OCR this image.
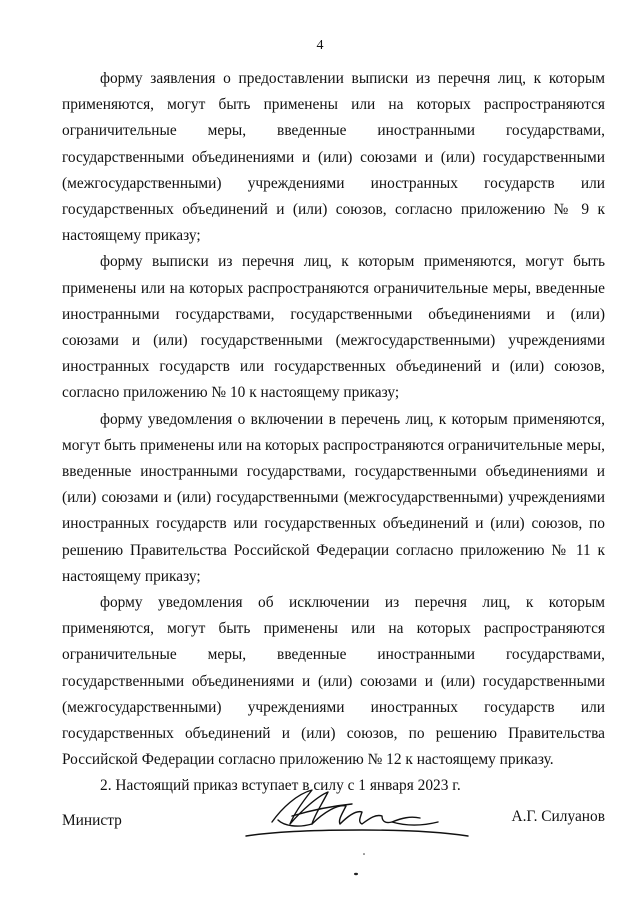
4

форму заявления о предоставлении выписки из перечня лиц, к которым применяются, могут быть применены или на которых распространяются ограничительные меры, введенные иностранными государствами, государственными объединениями и (или) союзами и (или) государственными (межгосударственными) учреждениями иностранных государств или государственных объединений и (или) союзов, согласно приложению № 9 к настоящему приказу;

форму выписки из перечня лиц, к которым применяются, могут быть применены или на которых распространяются ограничительные меры, введенные иностранными государствами, государственными объединениями и (или) союзами и (или) государственными (межгосударственными) учреждениями иностранных государств или государственных объединений и (или) союзов, согласно приложению № 10 к настоящему приказу;

форму уведомления о включении в перечень лиц, к которым применяются, могут быть применены или на которых распространяются ограничительные меры, введенные иностранными государствами, государственными объединениями и (или) союзами и (или) государственными (межгосударственными) учреждениями иностранных государств или государственных объединений и (или) союзов, по решению Правительства Российской Федерации согласно приложению № 11 к настоящему приказу;

форму уведомления об исключении из перечня лиц, к которым применяются, могут быть применены или на которых распространяются ограничительные меры, введенные иностранными государствами, государственными объединениями и (или) союзами и (или) государственными (межгосударственными) учреждениями иностранных государств или государственных объединений и (или) союзов, по решению Правительства Российской Федерации согласно приложению № 12 к настоящему приказу.

2. Настоящий приказ вступает в силу с 1 января 2023 г.

Министр	А.Г. Силуанов
